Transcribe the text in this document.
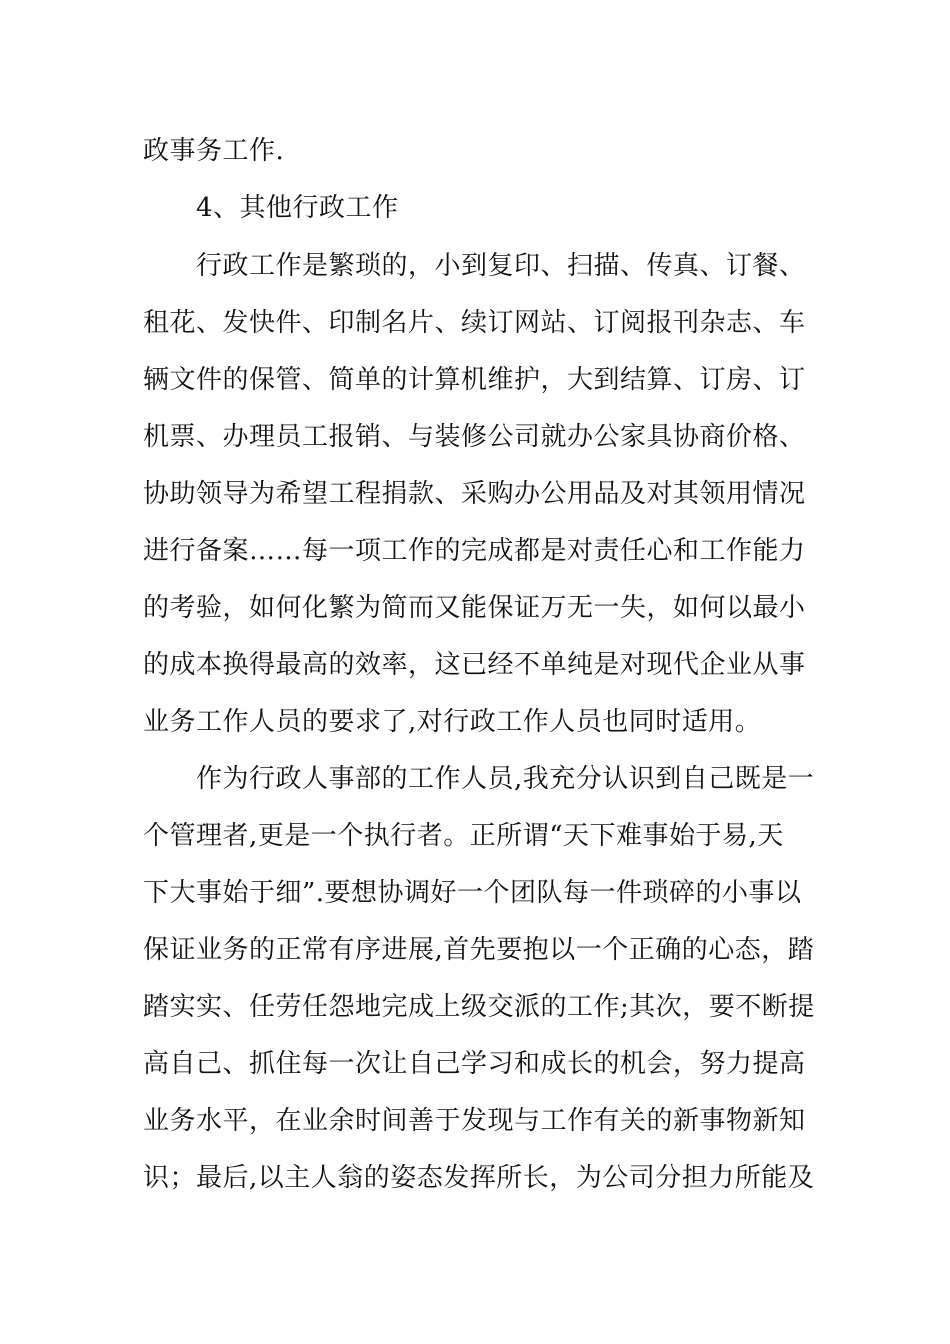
政事务工作.
4、其他行政工作
行政工作是繁琐的，小到复印、扫描、传真、订餐、
租花、发快件、印制名片、续订网站、订阅报刊杂志、车
辆文件的保管、简单的计算机维护，大到结算、订房、订
机票、办理员工报销、与装修公司就办公家具协商价格、
协助领导为希望工程捐款、采购办公用品及对其领用情况
进行备案……每一项工作的完成都是对责任心和工作能力
的考验，如何化繁为简而又能保证万无一失，如何以最小
的成本换得最高的效率，这已经不单纯是对现代企业从事
业务工作人员的要求了,对行政工作人员也同时适用。
作为行政人事部的工作人员,我充分认识到自己既是一
个管理者,更是一个执行者。正所谓“天下难事始于易,天
下大事始于细”.要想协调好一个团队每一件琐碎的小事以
保证业务的正常有序进展,首先要抱以一个正确的心态，踏
踏实实、任劳任怨地完成上级交派的工作;其次，要不断提
高自己、抓住每一次让自己学习和成长的机会，努力提高
业务水平，在业余时间善于发现与工作有关的新事物新知
识；最后,以主人翁的姿态发挥所长，为公司分担力所能及
